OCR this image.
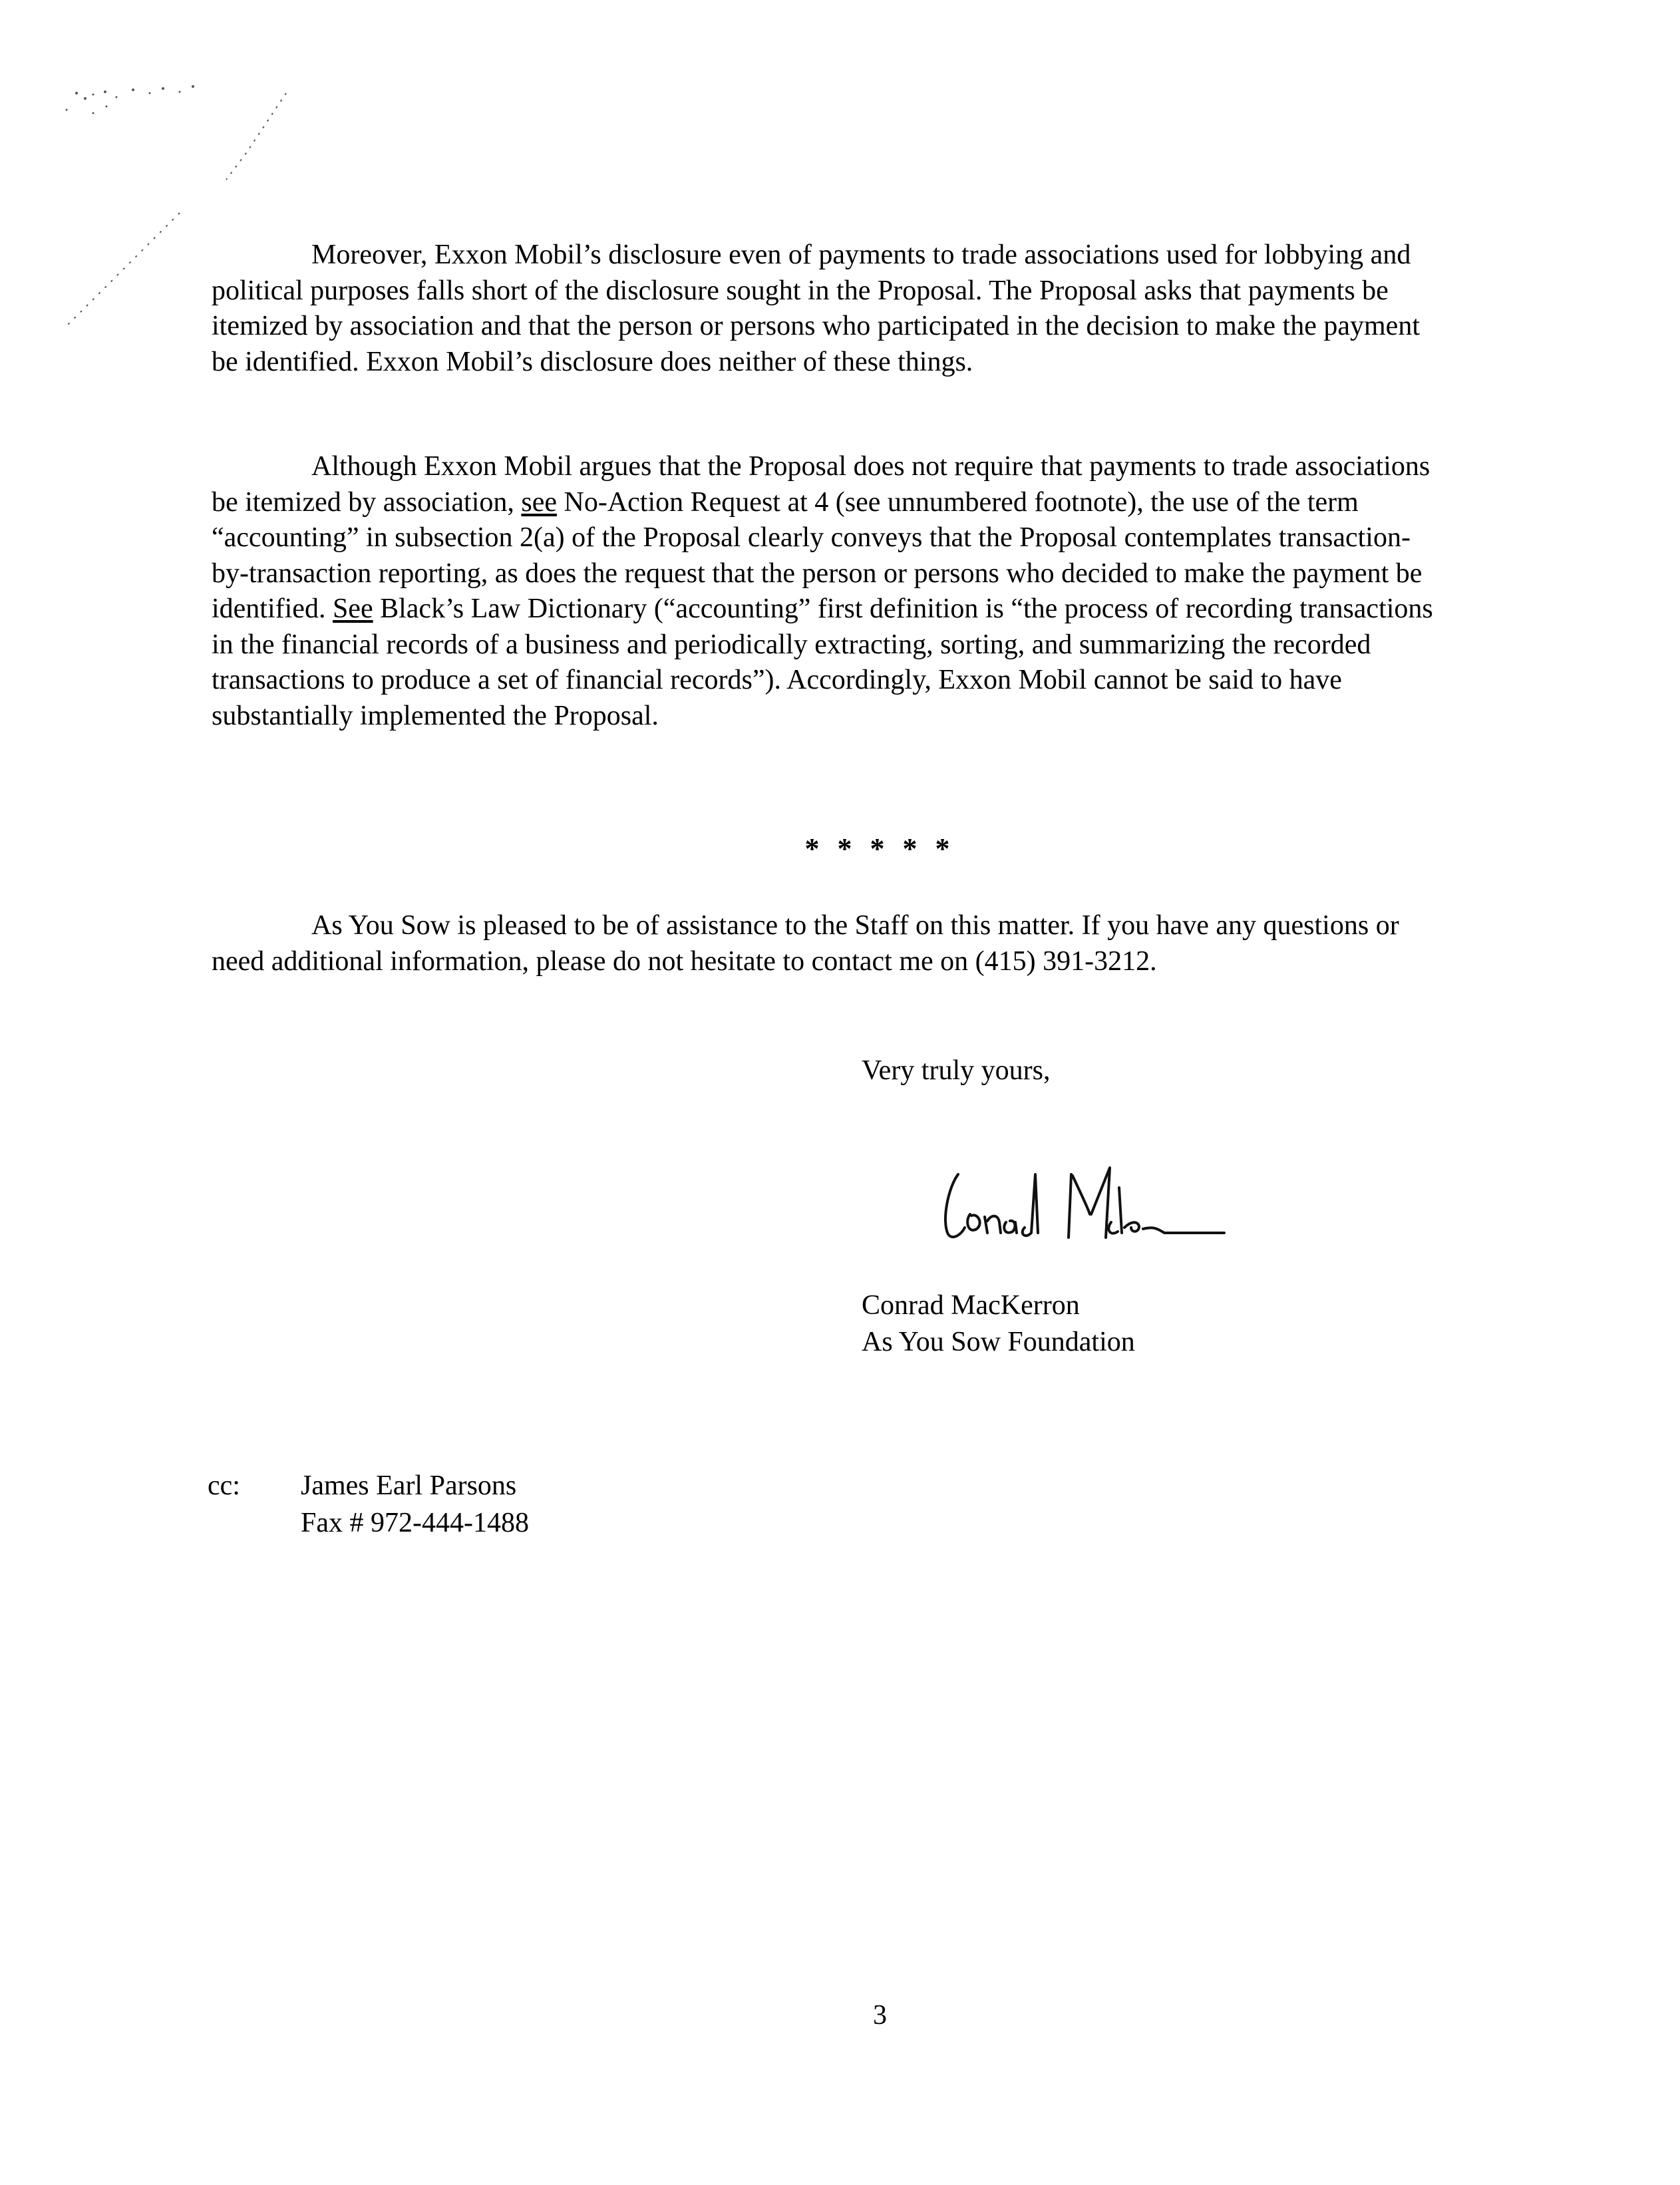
Moreover, Exxon Mobil’s disclosure even of payments to trade associations used for lobbying and political purposes falls short of the disclosure sought in the Proposal. The Proposal asks that payments be itemized by association and that the person or persons who participated in the decision to make the payment be identified. Exxon Mobil’s disclosure does neither of these things.

Although Exxon Mobil argues that the Proposal does not require that payments to trade associations be itemized by association, see No-Action Request at 4 (see unnumbered footnote), the use of the term “accounting” in subsection 2(a) of the Proposal clearly conveys that the Proposal contemplates transaction-by-transaction reporting, as does the request that the person or persons who decided to make the payment be identified. See Black’s Law Dictionary (“accounting” first definition is “the process of recording transactions in the financial records of a business and periodically extracting, sorting, and summarizing the recorded transactions to produce a set of financial records”). Accordingly, Exxon Mobil cannot be said to have substantially implemented the Proposal.

* * * * *

As You Sow is pleased to be of assistance to the Staff on this matter. If you have any questions or need additional information, please do not hesitate to contact me on (415) 391-3212.

Very truly yours,
Conrad MacKerron
As You Sow Foundation
cc: James Earl Parsons
Fax # 972-444-1488
3
